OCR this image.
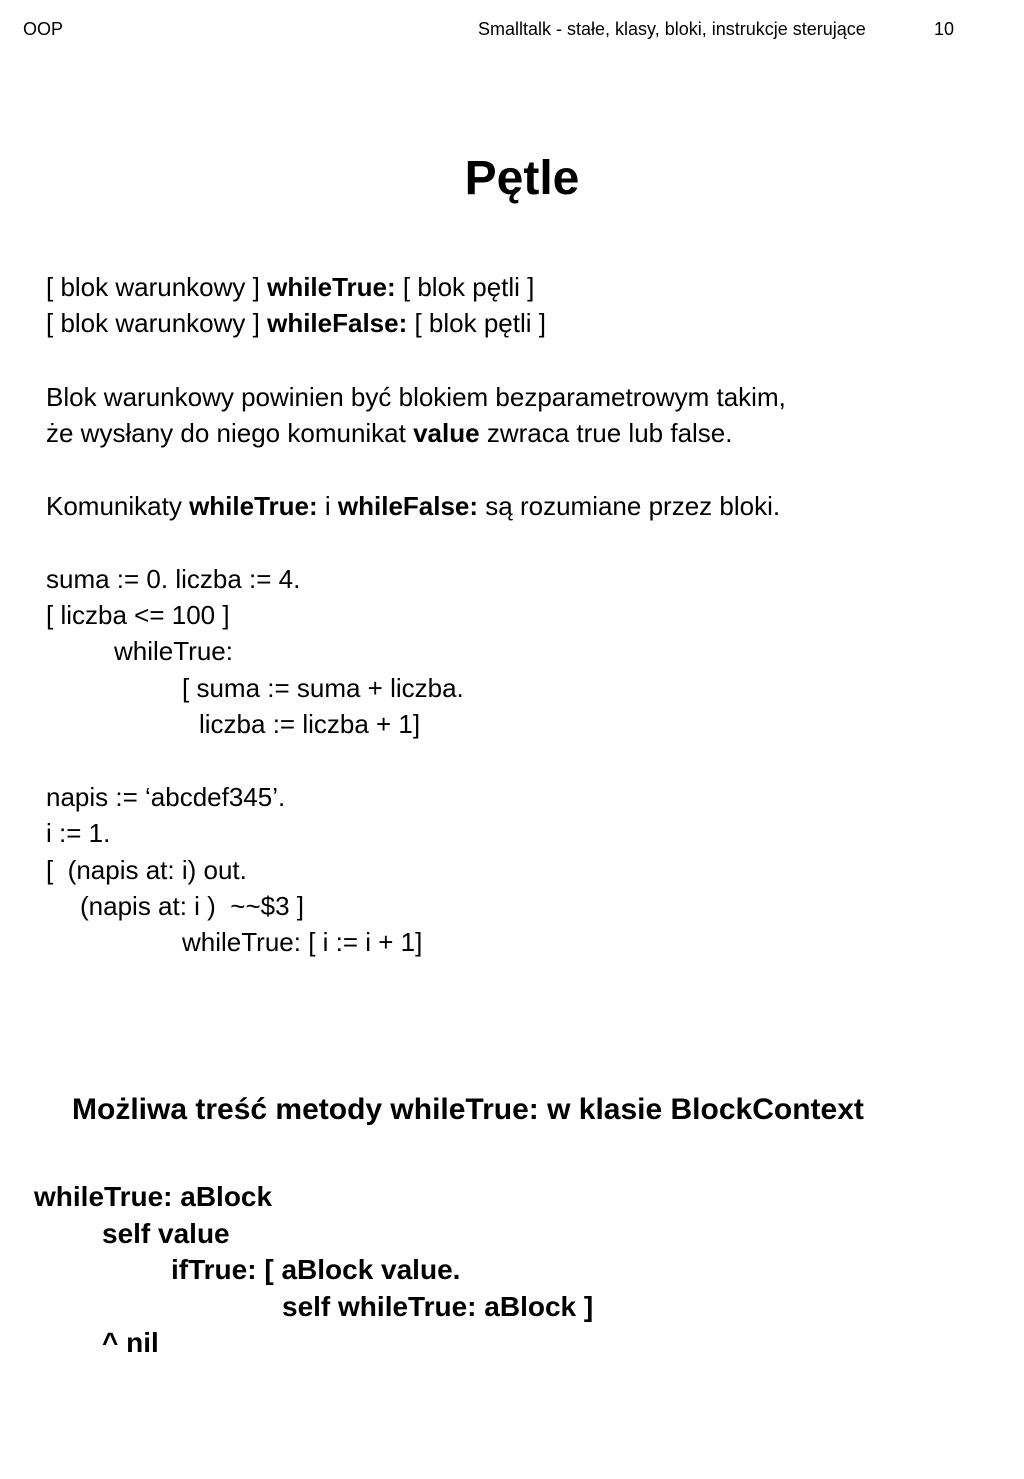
OOP	Smalltalk - stałe, klasy, bloki, instrukcje sterujące	10
Pętle
[ blok warunkowy ] whileTrue: [ blok pętli ]
[ blok warunkowy ] whileFalse: [ blok pętli ]
Blok warunkowy powinien być blokiem bezparametrowym takim,
że wysłany do niego komunikat value zwraca true lub false.
Komunikaty whileTrue: i whileFalse: są rozumiane przez bloki.
suma := 0. liczba := 4.
[ liczba <= 100 ]
whileTrue:
[ suma := suma + liczba.
liczba := liczba + 1]
napis := ‘abcdef345’.
i := 1.
[  (napis at: i) out.
(napis at: i )  ~~$3 ]
whileTrue: [ i := i + 1]
Możliwa treść metody whileTrue: w klasie BlockContext
whileTrue: aBlock
self value
ifTrue: [ aBlock value.
self whileTrue: aBlock ]
^ nil
